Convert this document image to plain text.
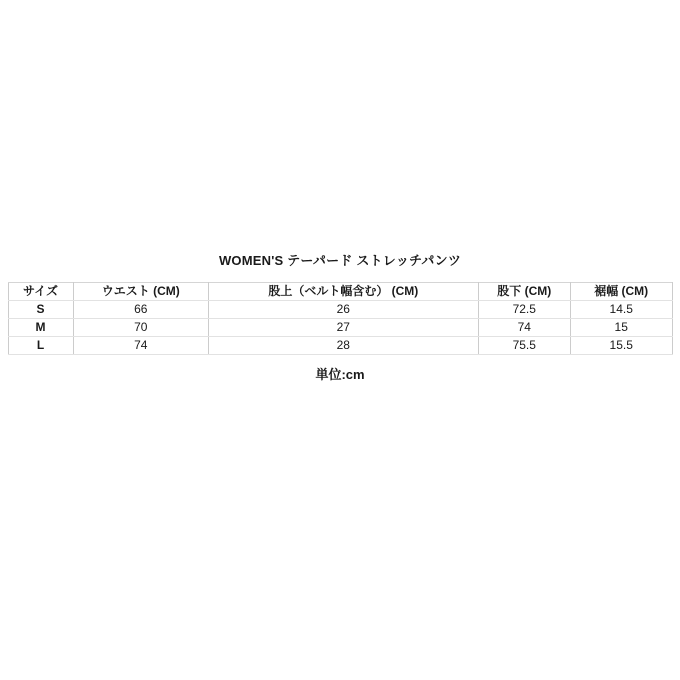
WOMEN'S テーパード ストレッチパンツ
サイズ	ウエスト (CM)	股上（ベルト幅含む） (CM)	股下 (CM)	裾幅 (CM)
S	66	26	72.5	14.5
M	70	27	74	15
L	74	28	75.5	15.5
単位:cm
